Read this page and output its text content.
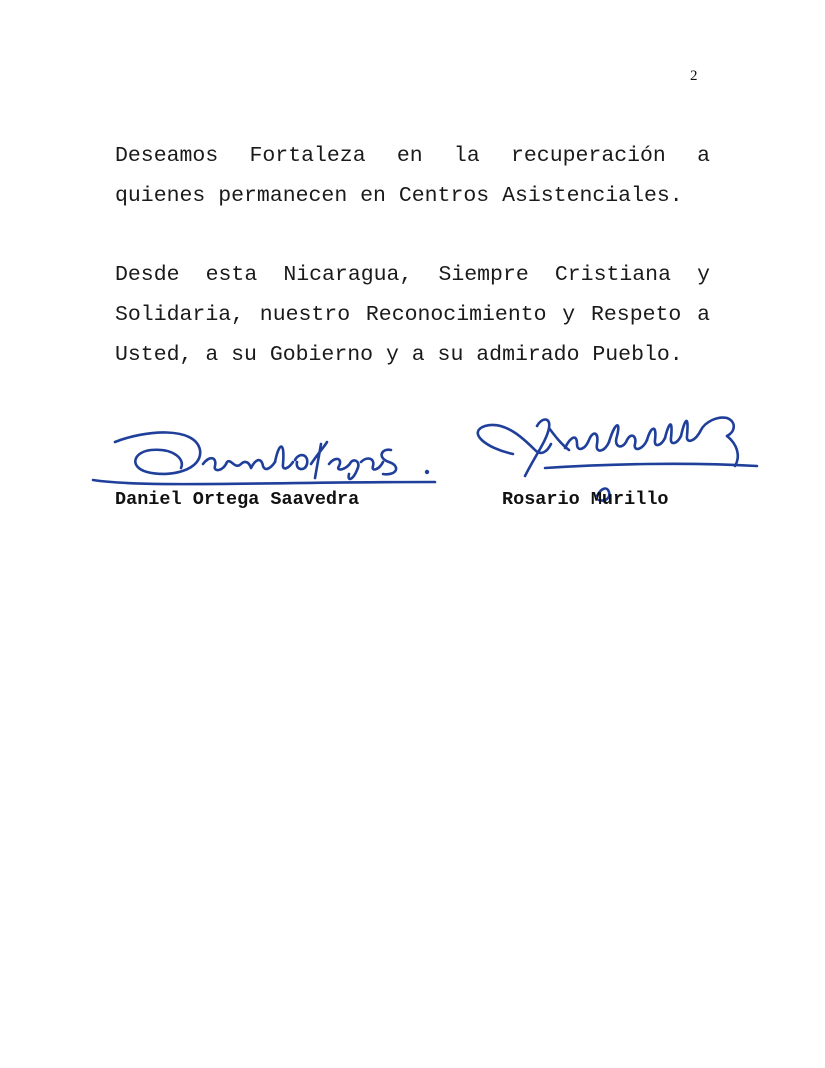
2

Deseamos Fortaleza en la recuperación a
quienes permanecen en Centros Asistenciales.

Desde esta Nicaragua, Siempre Cristiana y
Solidaria, nuestro Reconocimiento y Respeto a
Usted, a su Gobierno y a su admirado Pueblo.

Daniel Ortega Saavedra	Rosario Murillo
